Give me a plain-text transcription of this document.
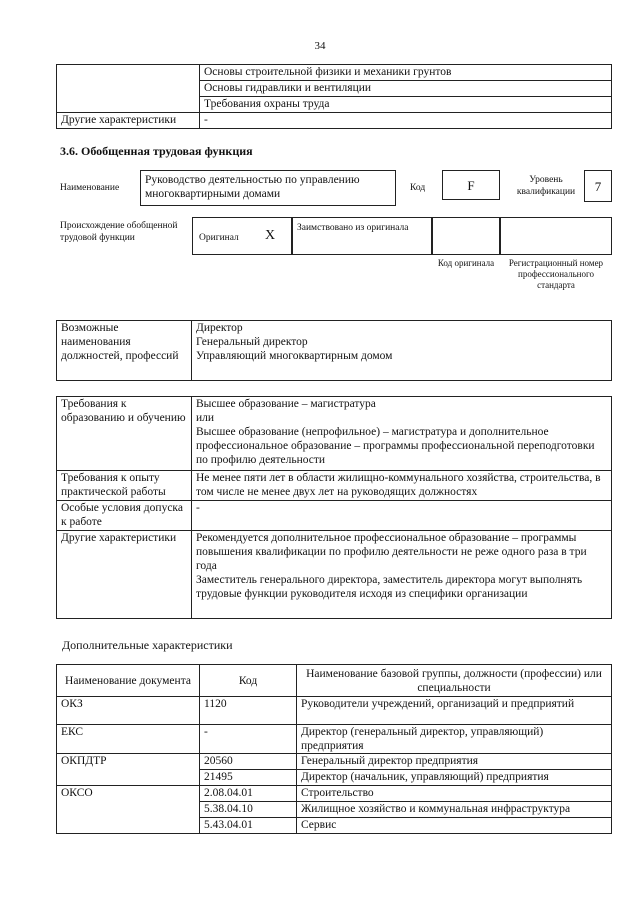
34
	Основы строительной физики и механики грунтов
	Основы гидравлики и вентиляции
	Требования охраны труда
Другие характеристики	-
3.6. Обобщенная трудовая функция
Наименование
Руководство деятельностью по управлению многоквартирными домами	Код	F	Уровень квалификации	7
Происхождение обобщенной трудовой функции	Оригинал X	Заимствовано из оригинала
Код оригинала	Регистрационный номер профессионального стандарта
Возможные наименования должностей, профессий	Директор
Генеральный директор
Управляющий многоквартирным домом
Требования к образованию и обучению	Высшее образование – магистратура
или
Высшее образование (непрофильное) – магистратура и дополнительное профессиональное образование – программы профессиональной переподготовки по профилю деятельности
Требования к опыту практической работы	Не менее пяти лет в области жилищно-коммунального хозяйства, строительства, в том числе не менее двух лет на руководящих должностях
Особые условия допуска к работе	-
Другие характеристики	Рекомендуется дополнительное профессиональное образование – программы повышения квалификации по профилю деятельности не реже одного раза в три года
Заместитель генерального директора, заместитель директора могут выполнять трудовые функции руководителя исходя из специфики организации
Дополнительные характеристики
Наименование документа	Код	Наименование базовой группы, должности (профессии) или специальности
ОКЗ	1120	Руководители учреждений, организаций и предприятий
ЕКС	-	Директор (генеральный директор, управляющий) предприятия
ОКПДТР	20560	Генеральный директор предприятия
	21495	Директор (начальник, управляющий) предприятия
ОКСО	2.08.04.01	Строительство
	5.38.04.10	Жилищное хозяйство и коммунальная инфраструктура
	5.43.04.01	Сервис
